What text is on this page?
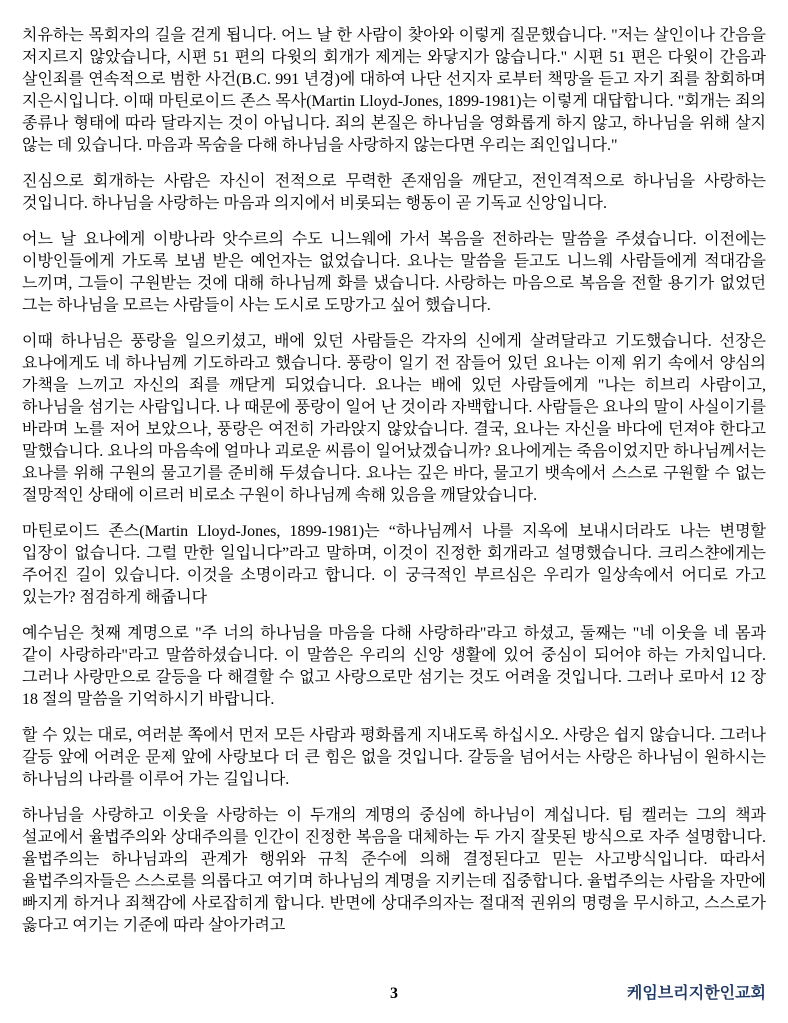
치유하는 목회자의 길을 걷게 됩니다. 어느 날 한 사람이 찾아와 이렇게 질문했습니다. "저는 살인이나 간음을 저지르지 않았습니다, 시편 51 편의 다윗의 회개가 제게는 와닿지가 않습니다." 시편 51 편은 다윗이 간음과 살인죄를 연속적으로 범한 사건(B.C. 991 년경)에 대하여 나단 선지자 로부터 책망을 듣고 자기 죄를 참회하며 지은시입니다. 이때 마틴로이드 존스 목사(Martin Lloyd-Jones, 1899-1981)는 이렇게 대답합니다. "회개는 죄의 종류나 형태에 따라 달라지는 것이 아닙니다. 죄의 본질은 하나님을 영화롭게 하지 않고, 하나님을 위해 살지 않는 데 있습니다. 마음과 목숨을 다해 하나님을 사랑하지 않는다면 우리는 죄인입니다."

진심으로 회개하는 사람은 자신이 전적으로 무력한 존재임을 깨닫고, 전인격적으로 하나님을 사랑하는 것입니다. 하나님을 사랑하는 마음과 의지에서 비롯되는 행동이 곧 기독교 신앙입니다.

어느 날 요나에게 이방나라 앗수르의 수도 니느웨에 가서 복음을 전하라는 말씀을 주셨습니다. 이전에는 이방인들에게 가도록 보냄 받은 예언자는 없었습니다. 요나는 말씀을 듣고도 니느웨 사람들에게 적대감을 느끼며, 그들이 구원받는 것에 대해 하나님께 화를 냈습니다. 사랑하는 마음으로 복음을 전할 용기가 없었던 그는 하나님을 모르는 사람들이 사는 도시로 도망가고 싶어 했습니다.

이때 하나님은 풍랑을 일으키셨고, 배에 있던 사람들은 각자의 신에게 살려달라고 기도했습니다. 선장은 요나에게도 네 하나님께 기도하라고 했습니다. 풍랑이 일기 전 잠들어 있던 요나는 이제 위기 속에서 양심의 가책을 느끼고 자신의 죄를 깨닫게 되었습니다. 요나는 배에 있던 사람들에게 "나는 히브리 사람이고, 하나님을 섬기는 사람입니다. 나 때문에 풍랑이 일어 난 것이라 자백합니다. 사람들은 요나의 말이 사실이기를 바라며 노를 저어 보았으나, 풍랑은 여전히 가라앉지 않았습니다. 결국, 요나는 자신을 바다에 던져야 한다고 말했습니다. 요나의 마음속에 얼마나 괴로운 씨름이 일어났겠습니까? 요나에게는 죽음이었지만 하나님께서는 요나를 위해 구원의 물고기를 준비해 두셨습니다. 요나는 깊은 바다, 물고기 뱃속에서 스스로 구원할 수 없는 절망적인 상태에 이르러 비로소 구원이 하나님께 속해 있음을 깨달았습니다.

마틴로이드 존스(Martin Lloyd-Jones, 1899-1981)는 “하나님께서 나를 지옥에 보내시더라도 나는 변명할 입장이 없습니다. 그럴 만한 일입니다”라고 말하며, 이것이 진정한 회개라고 설명했습니다. 크리스챤에게는 주어진 길이 있습니다. 이것을 소명이라고 합니다. 이 궁극적인 부르심은 우리가 일상속에서 어디로 가고 있는가? 점검하게 해줍니다

예수님은 첫째 계명으로 "주 너의 하나님을 마음을 다해 사랑하라"라고 하셨고, 둘째는 "네 이웃을 네 몸과 같이 사랑하라"라고 말씀하셨습니다. 이 말씀은 우리의 신앙 생활에 있어 중심이 되어야 하는 가치입니다. 그러나 사랑만으로 갈등을 다 해결할 수 없고 사랑으로만 섬기는 것도 어려울 것입니다. 그러나 로마서 12 장 18 절의 말씀을 기억하시기 바랍니다.

할 수 있는 대로, 여러분 쪽에서 먼저 모든 사람과 평화롭게 지내도록 하십시오. 사랑은 쉽지 않습니다. 그러나 갈등 앞에 어려운 문제 앞에 사랑보다 더 큰 힘은 없을 것입니다. 갈등을 넘어서는 사랑은 하나님이 원하시는 하나님의 나라를 이루어 가는 길입니다.

하나님을 사랑하고 이웃을 사랑하는 이 두개의 계명의 중심에 하나님이 계십니다. 팀 켈러는 그의 책과 설교에서 율법주의와 상대주의를 인간이 진정한 복음을 대체하는 두 가지 잘못된 방식으로 자주 설명합니다. 율법주의는 하나님과의 관계가 행위와 규칙 준수에 의해 결정된다고 믿는 사고방식입니다. 따라서 율법주의자들은 스스로를 의롭다고 여기며 하나님의 계명을 지키는데 집중합니다. 율법주의는 사람을 자만에 빠지게 하거나 죄책감에 사로잡히게 합니다. 반면에 상대주의자는 절대적 권위의 명령을 무시하고, 스스로가 옳다고 여기는 기준에 따라 살아가려고

3	케임브리지한인교회
